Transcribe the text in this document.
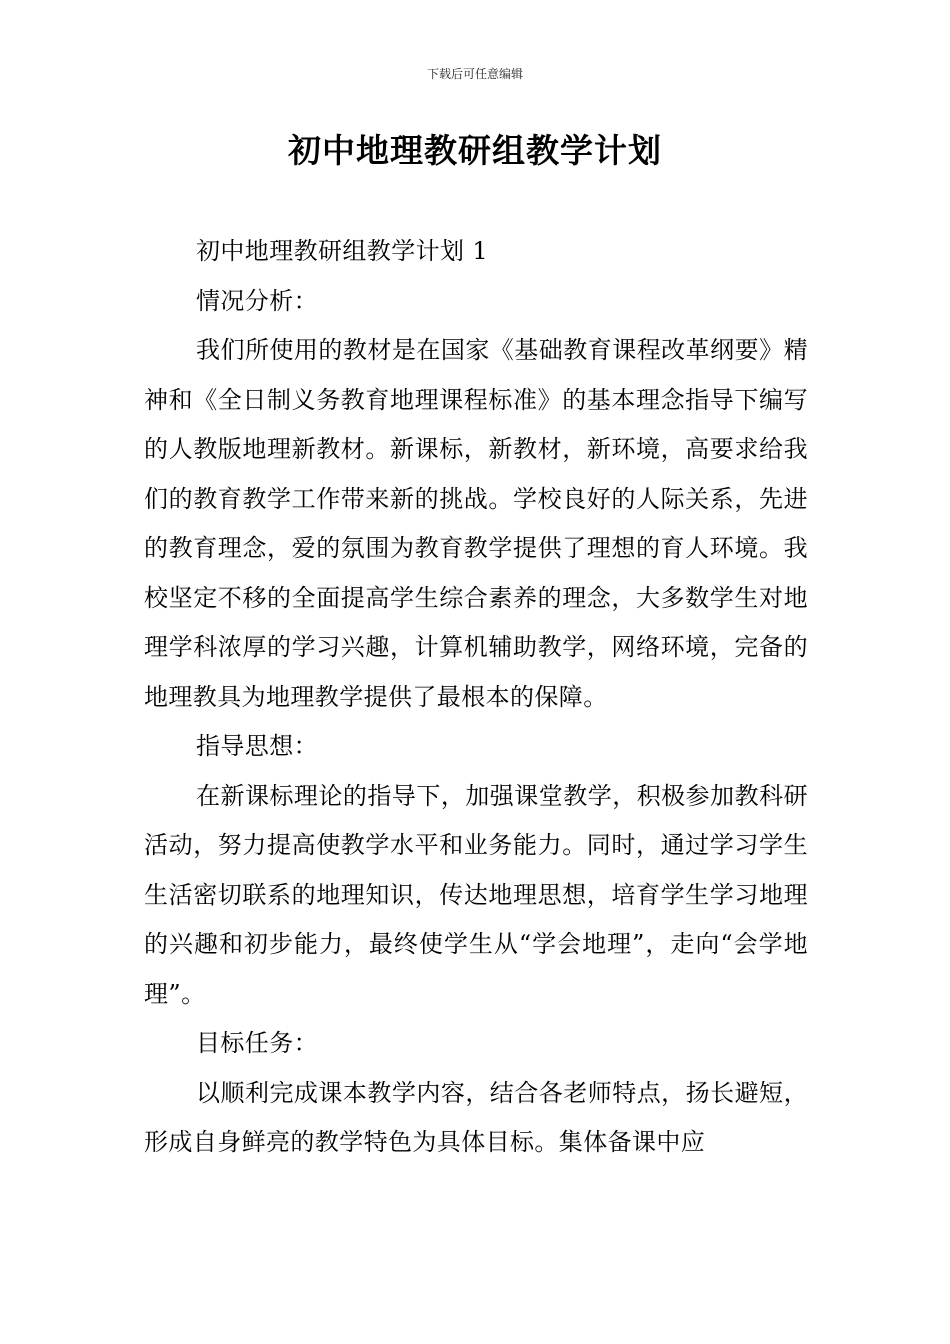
下载后可任意编辑
初中地理教研组教学计划

初中地理教研组教学计划 1

情况分析：

我们所使用的教材是在国家《基础教育课程改革纲要》精神和《全日制义务教育地理课程标准》的基本理念指导下编写的人教版地理新教材。新课标，新教材，新环境，高要求给我们的教育教学工作带来新的挑战。学校良好的人际关系，先进的教育理念，爱的氛围为教育教学提供了理想的育人环境。我校坚定不移的全面提高学生综合素养的理念，大多数学生对地理学科浓厚的学习兴趣，计算机辅助教学，网络环境，完备的地理教具为地理教学提供了最根本的保障。

指导思想：

在新课标理论的指导下，加强课堂教学，积极参加教科研活动，努力提高使教学水平和业务能力。同时，通过学习学生生活密切联系的地理知识，传达地理思想，培育学生学习地理的兴趣和初步能力，最终使学生从“学会地理”，走向“会学地理”。

目标任务：

以顺利完成课本教学内容，结合各老师特点，扬长避短，形成自身鲜亮的教学特色为具体目标。集体备课中应
